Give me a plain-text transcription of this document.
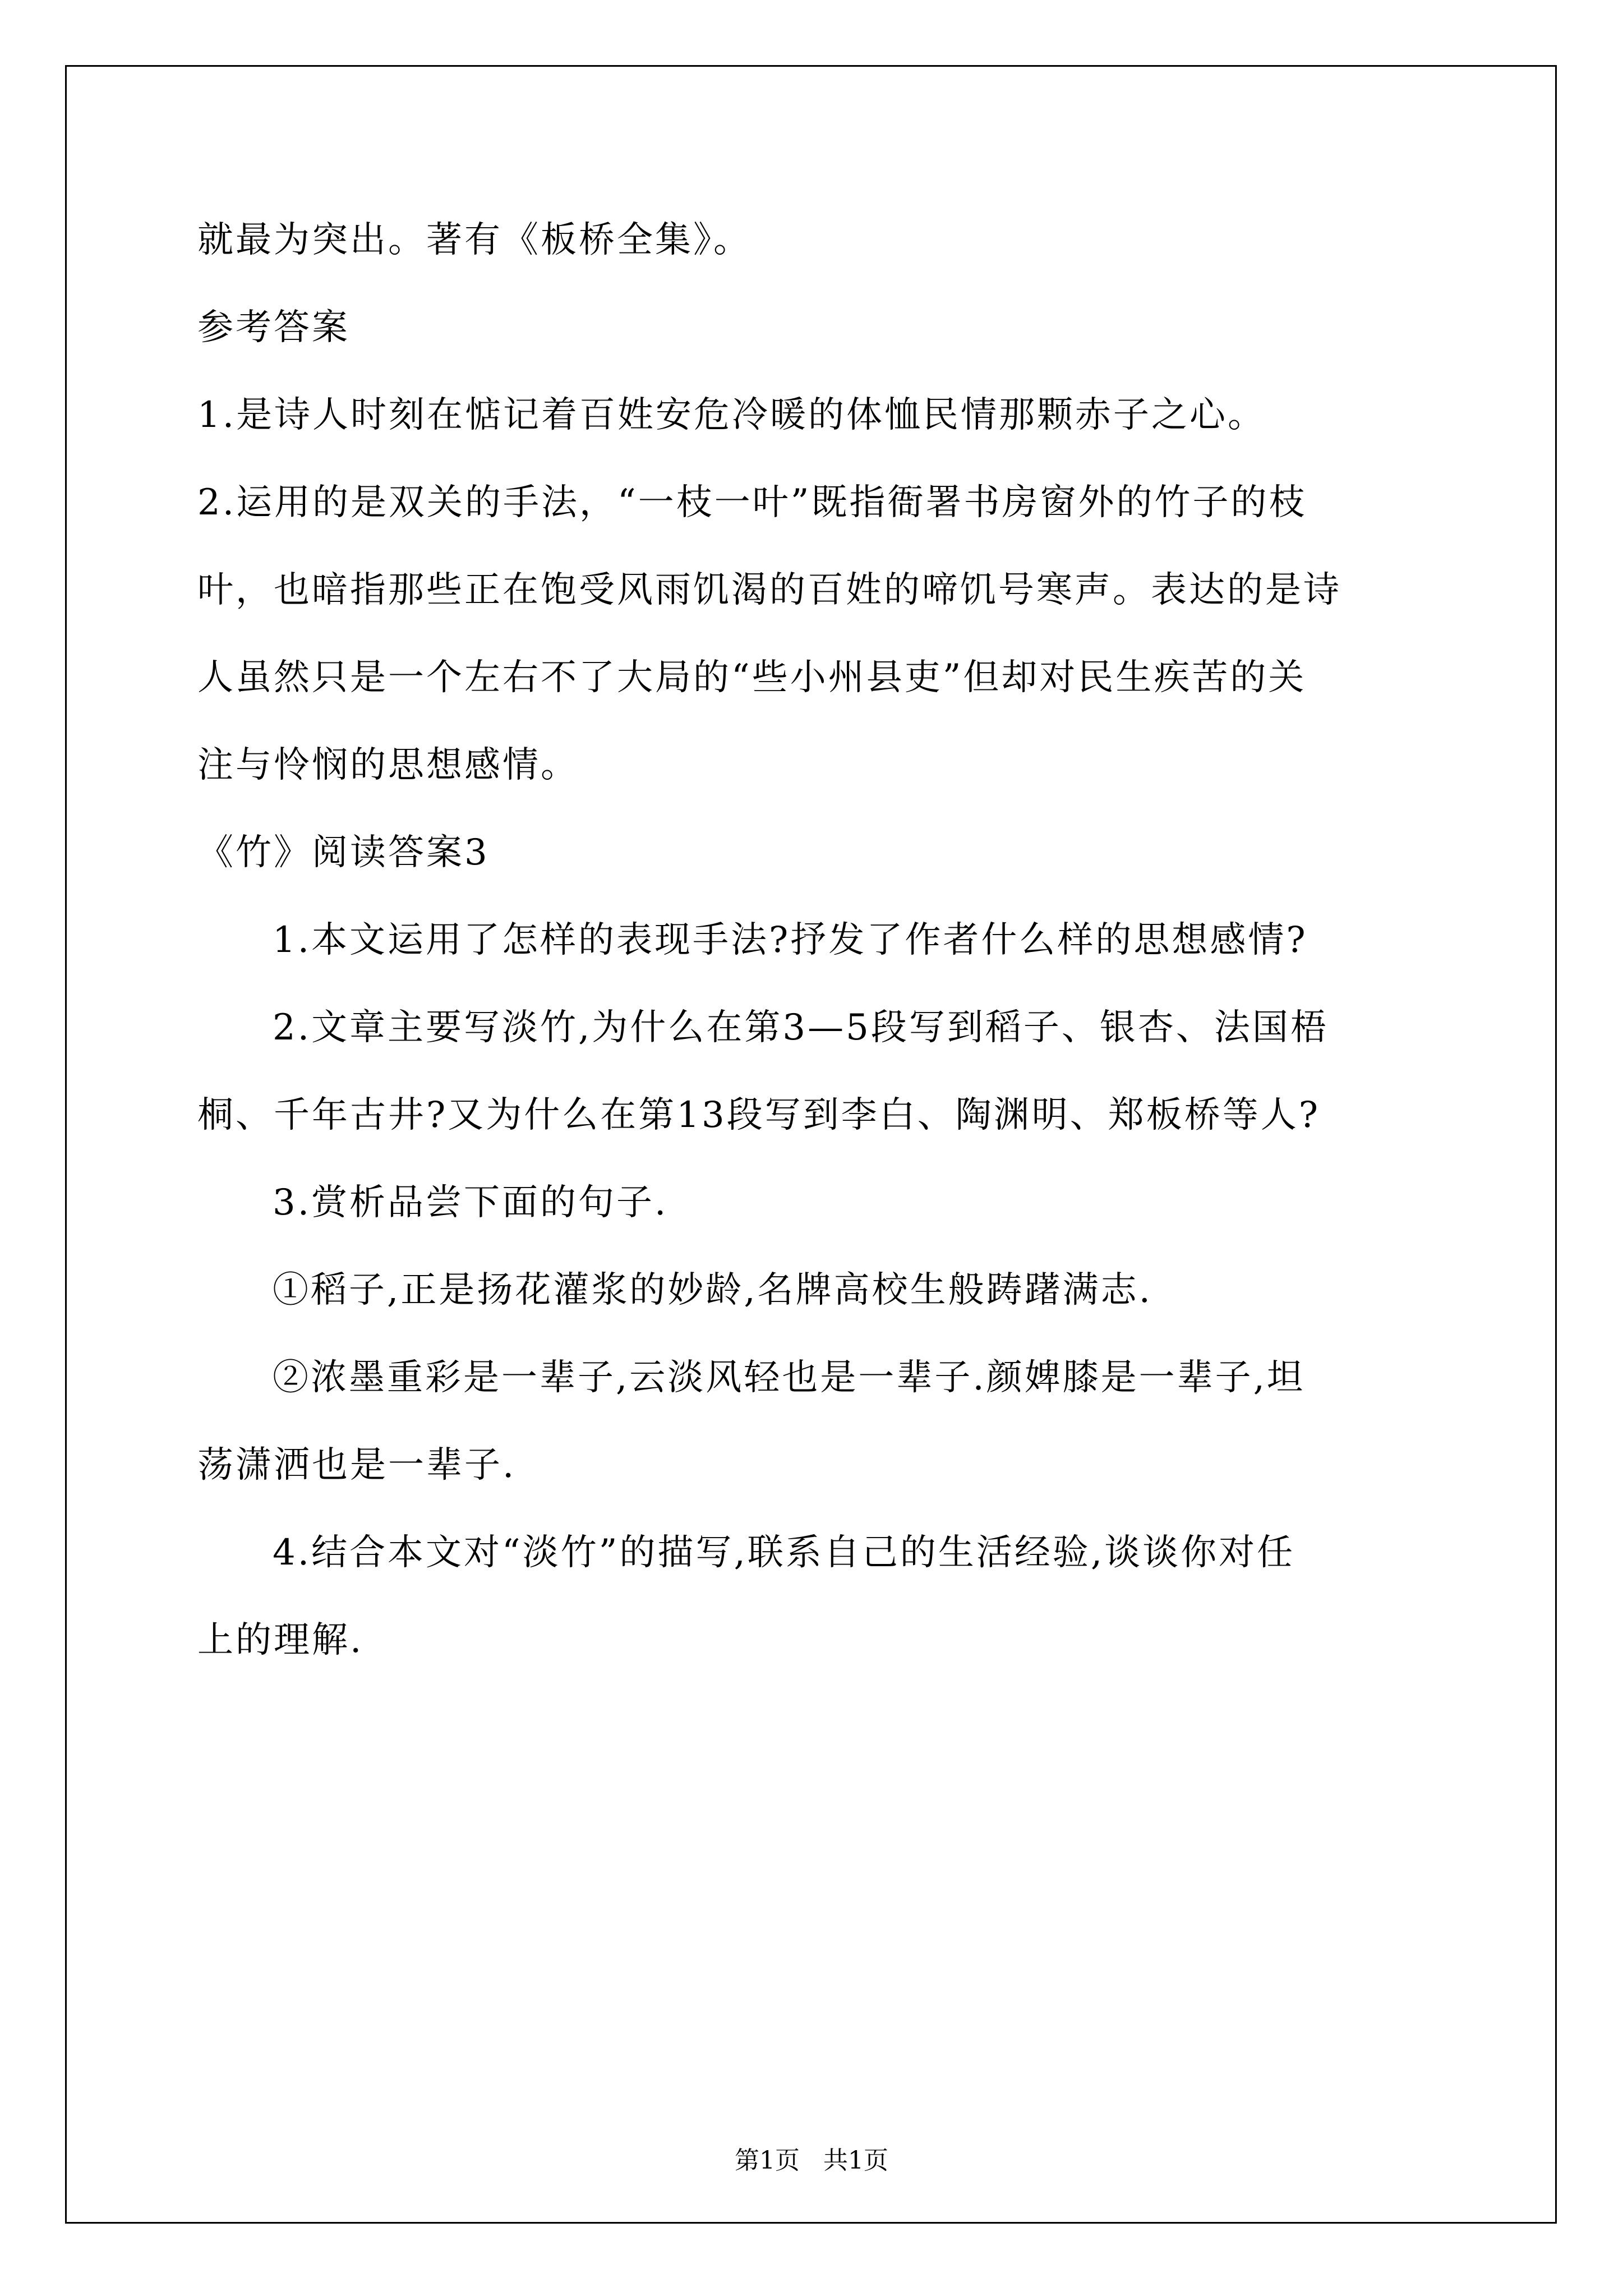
就最为突出。著有《板桥全集》。
参考答案
1.是诗人时刻在惦记着百姓安危冷暖的体恤民情那颗赤子之心。
2.运用的是双关的手法，“一枝一叶”既指衙署书房窗外的竹子的枝
叶，也暗指那些正在饱受风雨饥渴的百姓的啼饥号寒声。表达的是诗
人虽然只是一个左右不了大局的“些小州县吏”但却对民生疾苦的关
注与怜悯的思想感情。
《竹》阅读答案3
1.本文运用了怎样的表现手法?抒发了作者什么样的思想感情?
2.文章主要写淡竹,为什么在第3—5段写到稻子、银杏、法国梧
桐、千年古井?又为什么在第13段写到李白、陶渊明、郑板桥等人?
3.赏析品尝下面的句子.
①稻子,正是扬花灌浆的妙龄,名牌高校生般踌躇满志.
②浓墨重彩是一辈子,云淡风轻也是一辈子.颜婢膝是一辈子,坦
荡潇洒也是一辈子.
4.结合本文对“淡竹”的描写,联系自己的生活经验,谈谈你对任
上的理解.
第1页   共1页
